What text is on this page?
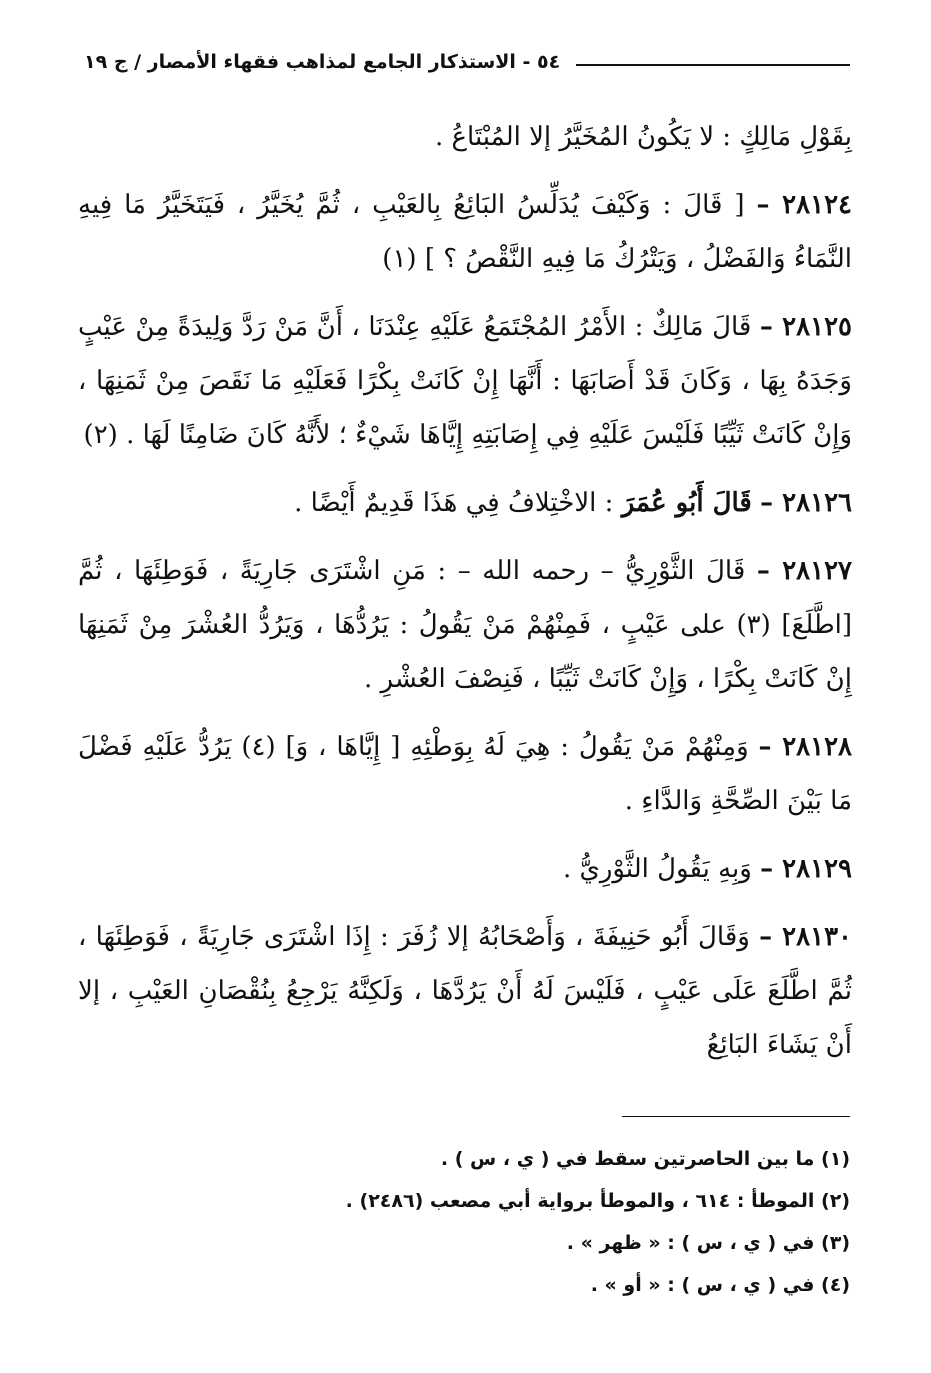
٥٤ - الاستذكار الجامع لمذاهب فقهاء الأمصار / ج ١٩

بِقَوْلِ مَالِكٍ : لا يَكُونُ المُخَيَّرُ إلا المُبْتَاعُ .

٢٨١٢٤ – [ قَالَ : وَكَيْفَ يُدَلِّسُ البَائِعُ بِالعَيْبِ ، ثُمَّ يُخَيَّرُ ، فَيَتَخَيَّرُ مَا فِيهِ النَّمَاءُ وَالفَضْلُ ، وَيَتْرُكُ مَا فِيهِ النَّقْصُ ؟ ] (١)

٢٨١٢٥ – قَالَ مَالِكٌ : الأَمْرُ المُجْتَمَعُ عَلَيْهِ عِنْدَنَا ، أَنَّ مَنْ رَدَّ وَلِيدَةً مِنْ عَيْبٍ وَجَدَهُ بِهَا ، وَكَانَ قَدْ أَصَابَهَا : أَنَّهَا إِنْ كَانَتْ بِكْرًا فَعَلَيْهِ مَا نَقَصَ مِنْ ثَمَنِهَا ، وَإِنْ كَانَتْ ثَيِّبًا فَلَيْسَ عَلَيْهِ فِي إِصَابَتِهِ إِيَّاهَا شَيْءٌ ؛ لأَنَّهُ كَانَ ضَامِنًا لَهَا . (٢)

٢٨١٢٦ – قَالَ أَبُو عُمَرَ : الاخْتِلافُ فِي هَذَا قَدِيمٌ أَيْضًا .

٢٨١٢٧ – قَالَ الثَّوْرِيُّ – رحمه الله – : مَنِ اشْتَرَى جَارِيَةً ، فَوَطِئَهَا ، ثُمَّ [اطَّلَعَ] (٣) على عَيْبٍ ، فَمِنْهُمْ مَنْ يَقُولُ : يَرُدُّهَا ، وَيَرُدُّ العُشْرَ مِنْ ثَمَنِهَا إِنْ كَانَتْ بِكْرًا ، وَإِنْ كَانَتْ ثَيِّبًا ، فَنِصْفَ العُشْرِ .

٢٨١٢٨ – وَمِنْهُمْ مَنْ يَقُولُ : هِيَ لَهُ بِوَطْئِهِ [ إِيَّاهَا ، وَ] (٤) يَرُدُّ عَلَيْهِ فَضْلَ مَا بَيْنَ الصِّحَّةِ وَالدَّاءِ .

٢٨١٢٩ – وَبِهِ يَقُولُ الثَّوْرِيُّ .

٢٨١٣٠ – وَقَالَ أَبُو حَنِيفَةَ ، وَأَصْحَابُهُ إلا زُفَرَ : إِذَا اشْتَرَى جَارِيَةً ، فَوَطِئَهَا ، ثُمَّ اطَّلَعَ عَلَى عَيْبٍ ، فَلَيْسَ لَهُ أَنْ يَرُدَّهَا ، وَلَكِنَّهُ يَرْجِعُ بِنُقْصَانِ العَيْبِ ، إلا أَنْ يَشَاءَ البَائِعُ

(١) ما بين الحاصرتين سقط في ( ي ، س ) .

(٢) الموطأ : ٦١٤ ، والموطأ برواية أبي مصعب (٢٤٨٦) .

(٣) في ( ي ، س ) : « ظهر » .

(٤) في ( ي ، س ) : « أو » .
